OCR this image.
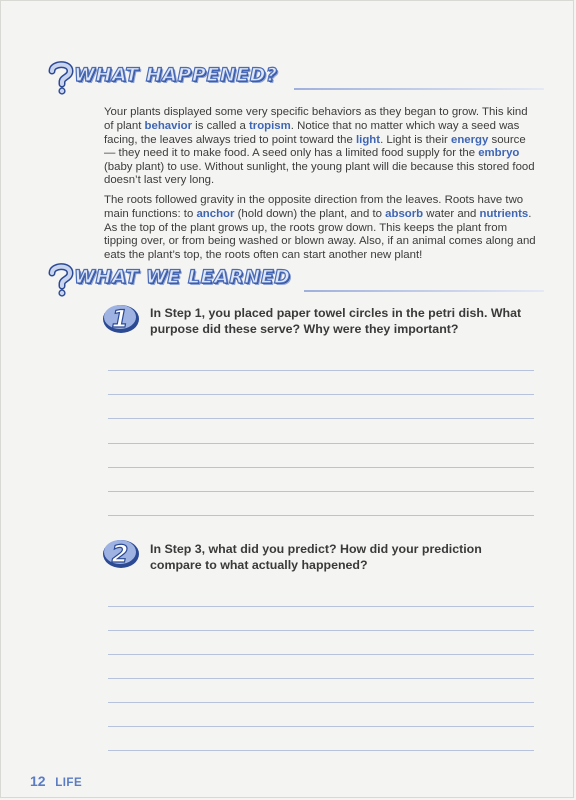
WHAT HAPPENED?

Your plants displayed some very specific behaviors as they began to grow. This kind of plant behavior is called a tropism. Notice that no matter which way a seed was facing, the leaves always tried to point toward the light. Light is their energy source — they need it to make food. A seed only has a limited food supply for the embryo (baby plant) to use. Without sunlight, the young plant will die because this stored food doesn’t last very long.

The roots followed gravity in the opposite direction from the leaves. Roots have two main functions: to anchor (hold down) the plant, and to absorb water and nutrients. As the top of the plant grows up, the roots grow down. This keeps the plant from tipping over, or from being washed or blown away. Also, if an animal comes along and eats the plant’s top, the roots often can start another new plant!

WHAT WE LEARNED
1 In Step 1, you placed paper towel circles in the petri dish. What purpose did these serve? Why were they important?
2 In Step 3, what did you predict? How did your prediction compare to what actually happened?
12 LIFE
